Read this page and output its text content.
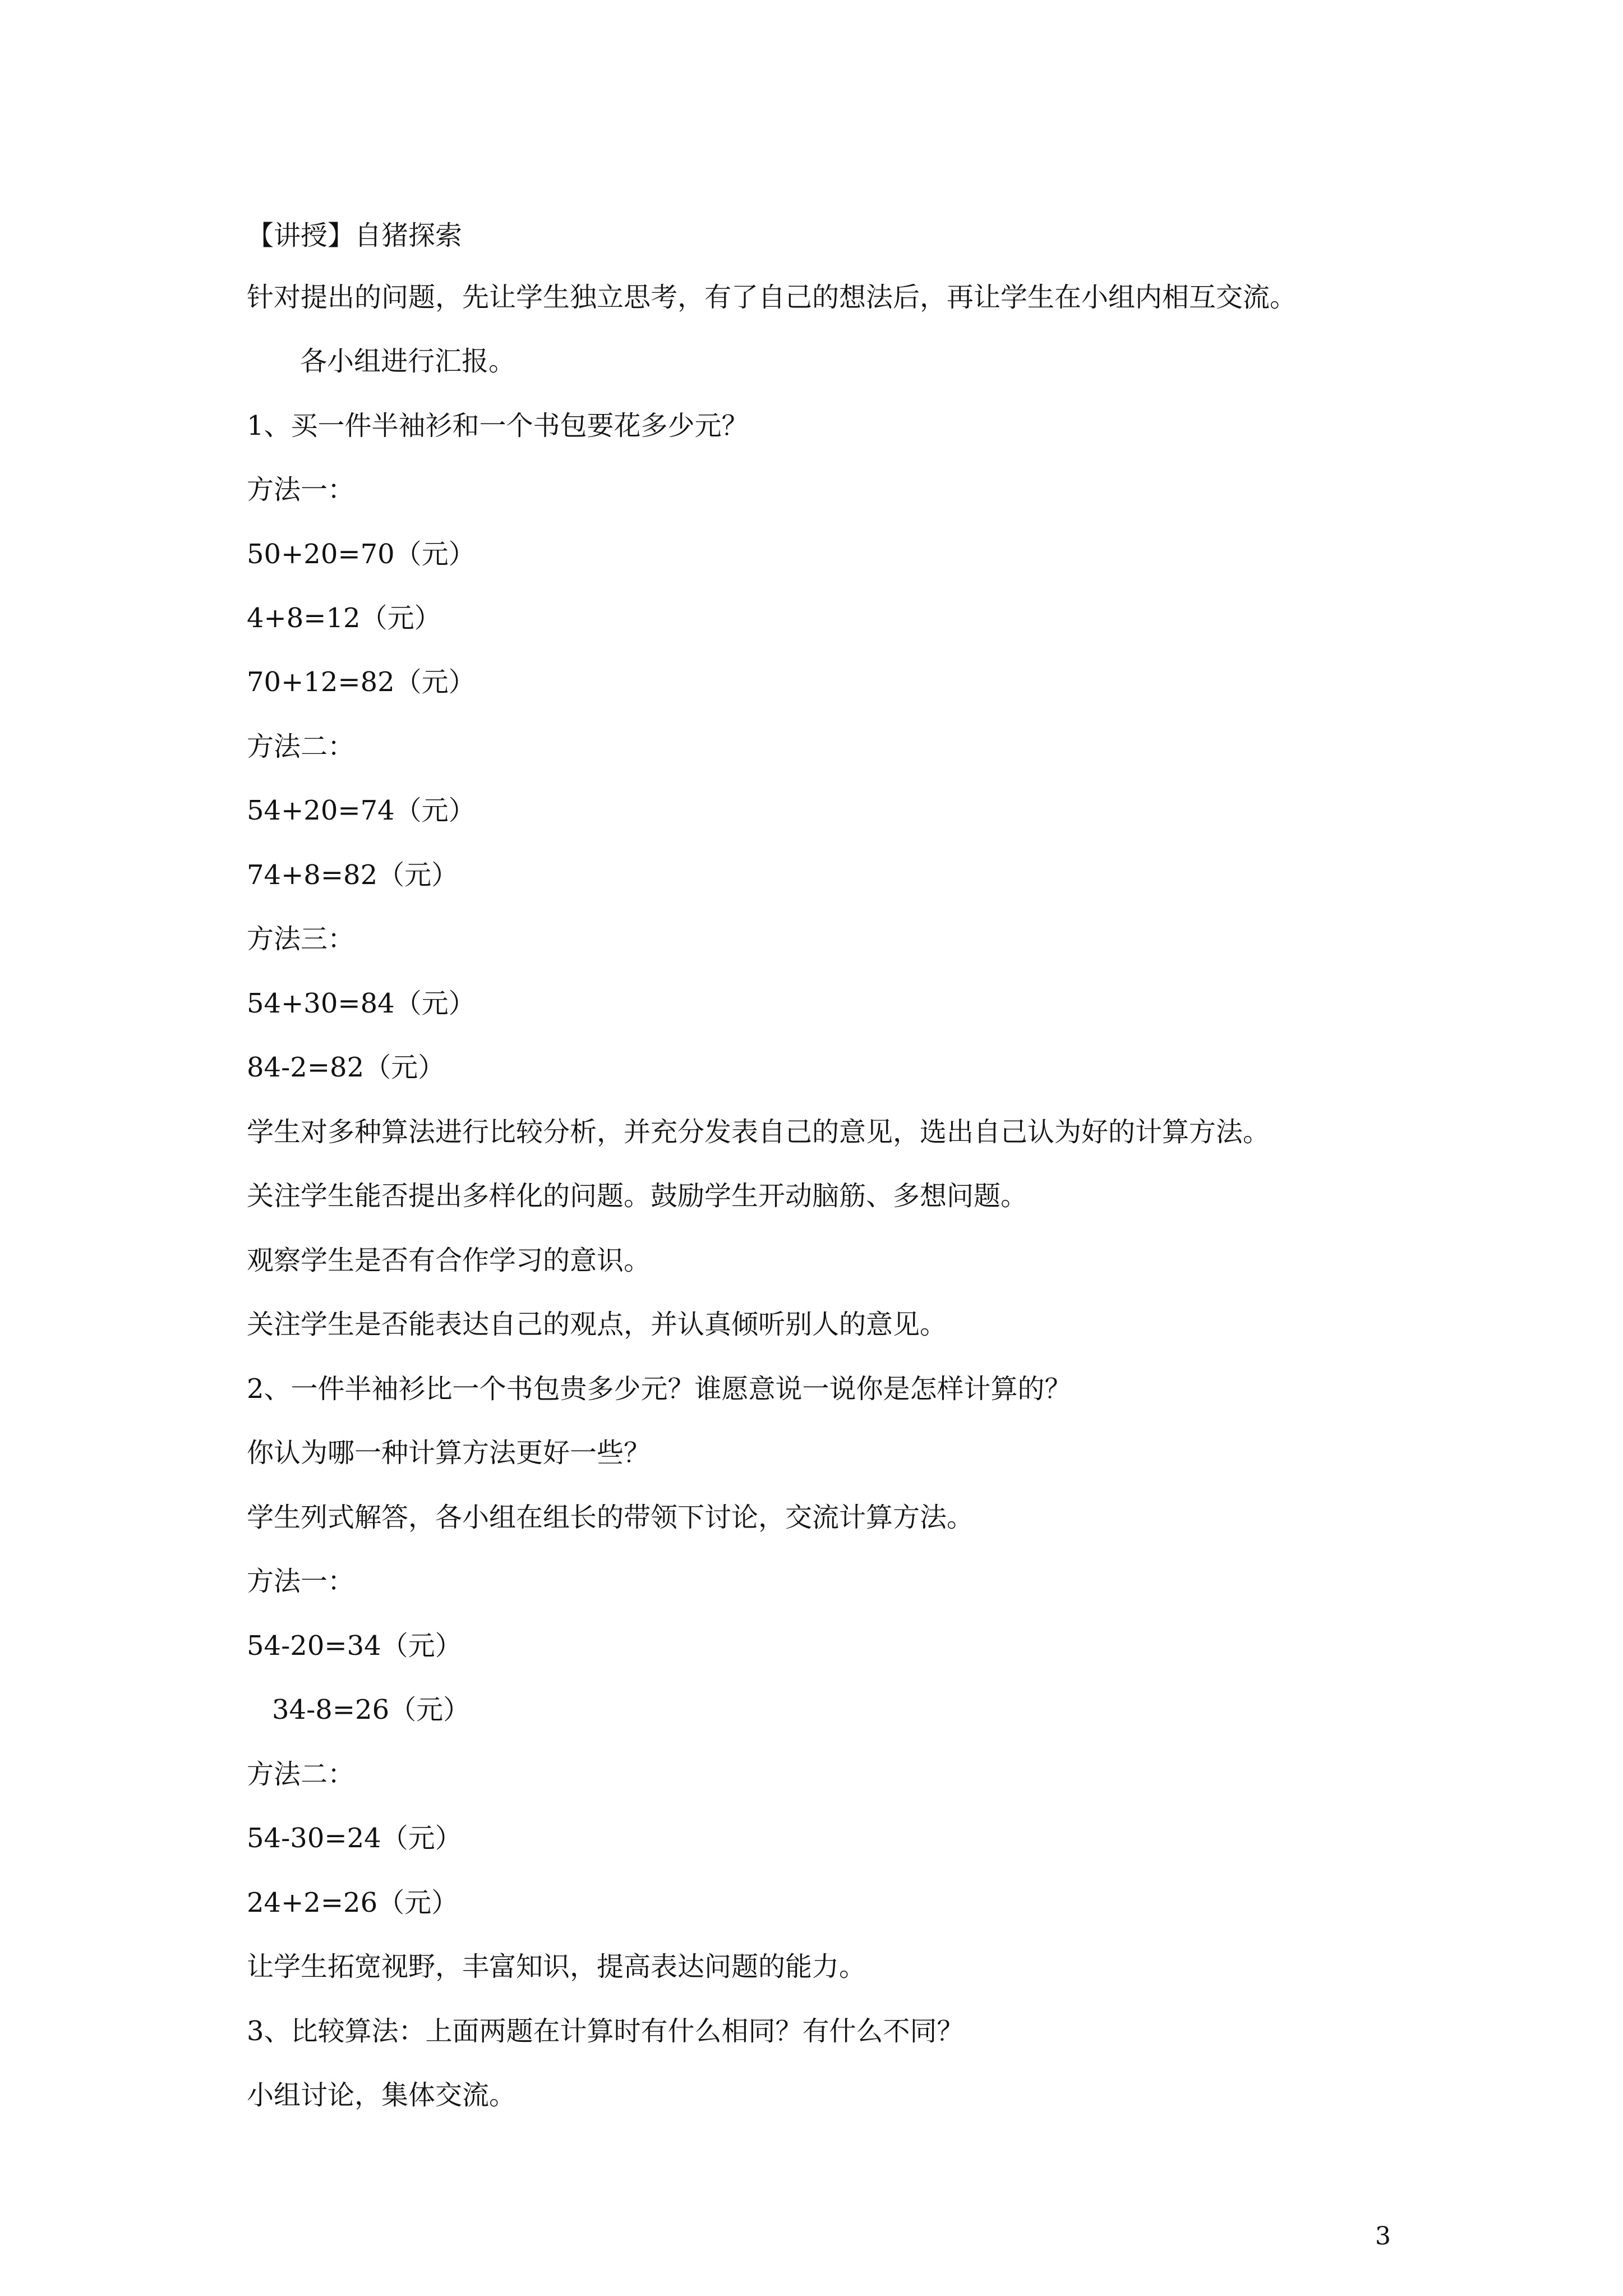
【讲授】自猪探索
针对提出的问题，先让学生独立思考，有了自己的想法后，再让学生在小组内相互交流。
各小组进行汇报。
1、买一件半袖衫和一个书包要花多少元？
方法一：
50+20=70（元）
4+8=12（元）
70+12=82（元）
方法二：
54+20=74（元）
74+8=82（元）
方法三：
54+30=84（元）
84-2=82（元）
学生对多种算法进行比较分析，并充分发表自己的意见，选出自己认为好的计算方法。
关注学生能否提出多样化的问题。鼓励学生开动脑筋、多想问题。
观察学生是否有合作学习的意识。
关注学生是否能表达自己的观点，并认真倾听别人的意见。
2、一件半袖衫比一个书包贵多少元？谁愿意说一说你是怎样计算的？
你认为哪一种计算方法更好一些？
学生列式解答，各小组在组长的带领下讨论，交流计算方法。
方法一：
54-20=34（元）
34-8=26（元）
方法二：
54-30=24（元）
24+2=26（元）
让学生拓宽视野，丰富知识，提高表达问题的能力。
3、比较算法：上面两题在计算时有什么相同？有什么不同？
小组讨论，集体交流。
3
